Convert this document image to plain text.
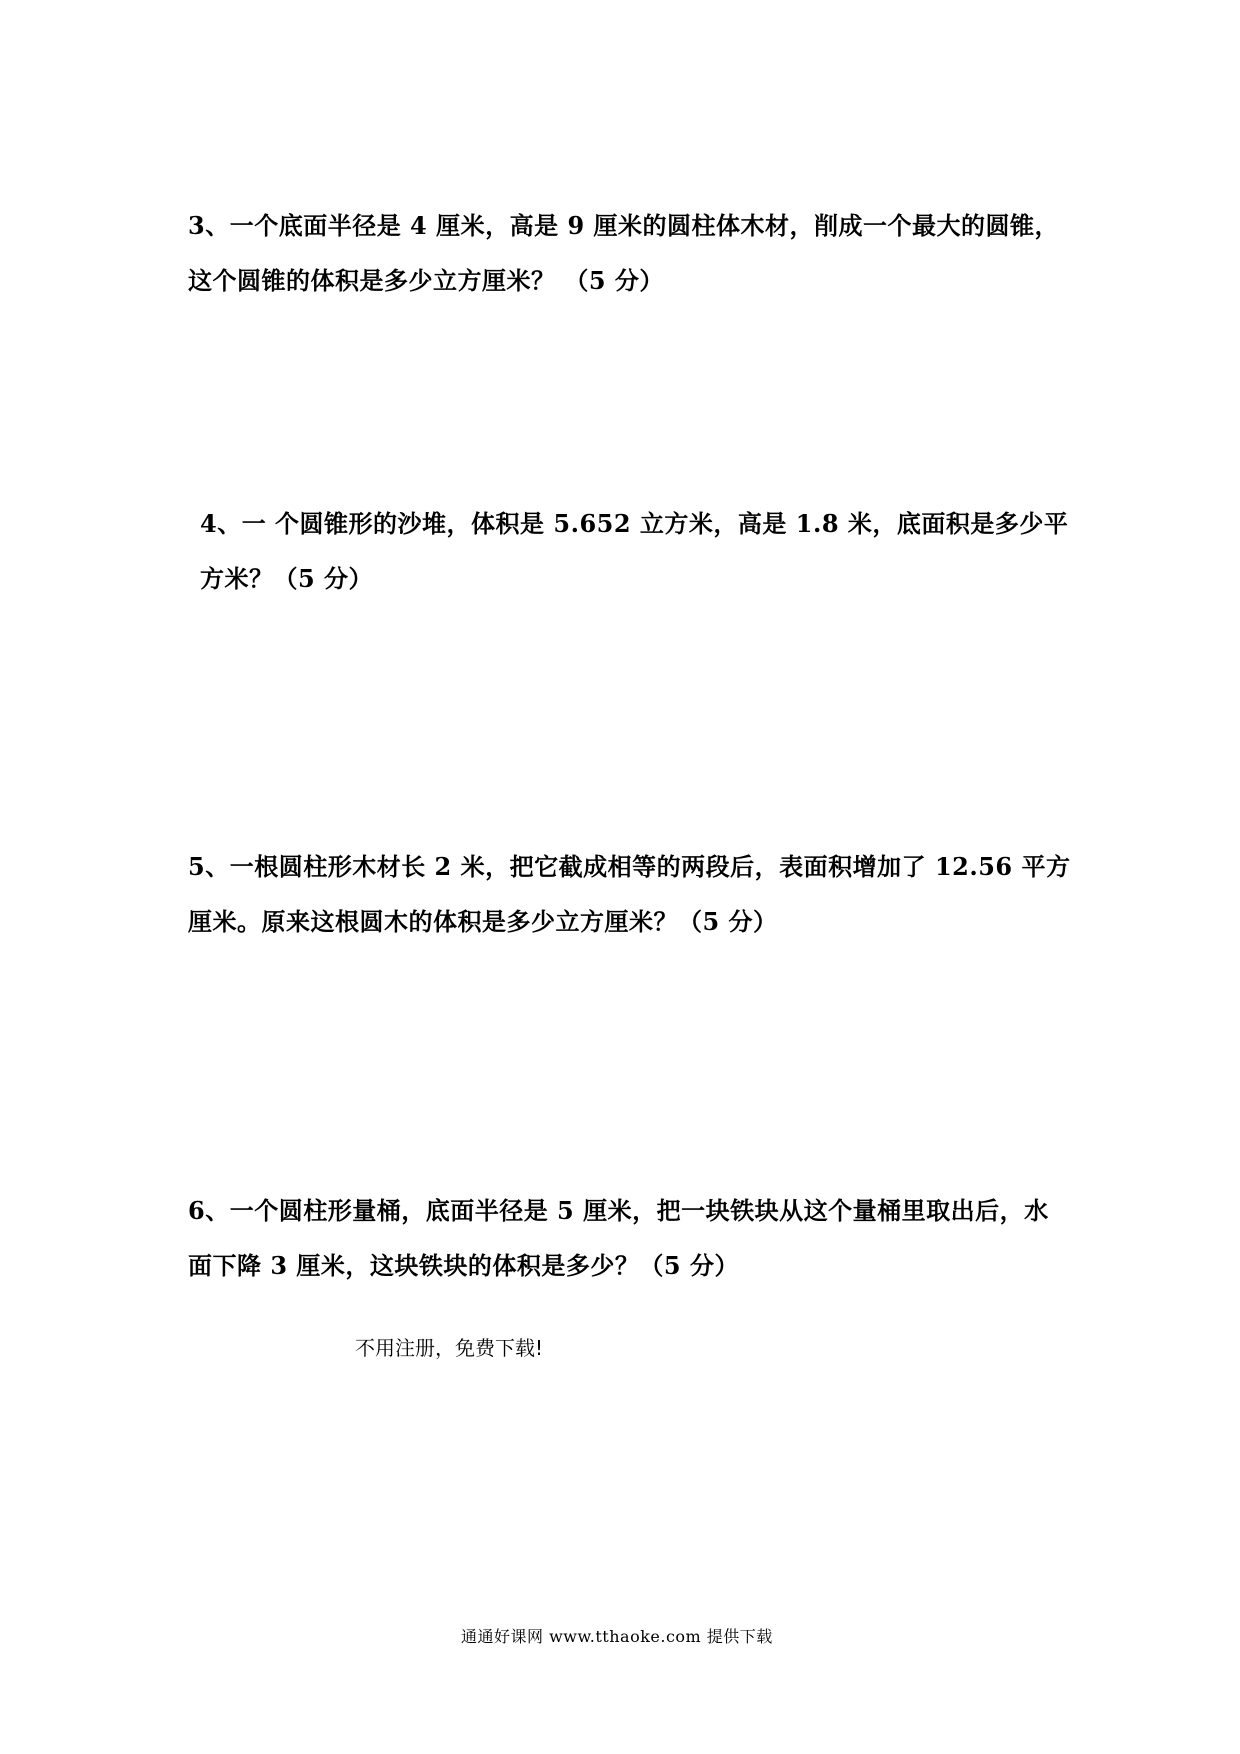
3、一个底面半径是 4 厘米，高是 9 厘米的圆柱体木材，削成一个最大的圆锥，
这个圆锥的体积是多少立方厘米？ （5 分）
4、一 个圆锥形的沙堆，体积是 5.652 立方米，高是 1.8 米，底面积是多少平
方米？（5 分）
5、一根圆柱形木材长 2 米，把它截成相等的两段后，表面积增加了 12.56 平方
厘米。原来这根圆木的体积是多少立方厘米？（5 分）
6、一个圆柱形量桶，底面半径是 5 厘米，把一块铁块从这个量桶里取出后，水
面下降 3 厘米，这块铁块的体积是多少？（5 分）
不用注册，免费下载!
通通好课网 www.tthaoke.com 提供下载
